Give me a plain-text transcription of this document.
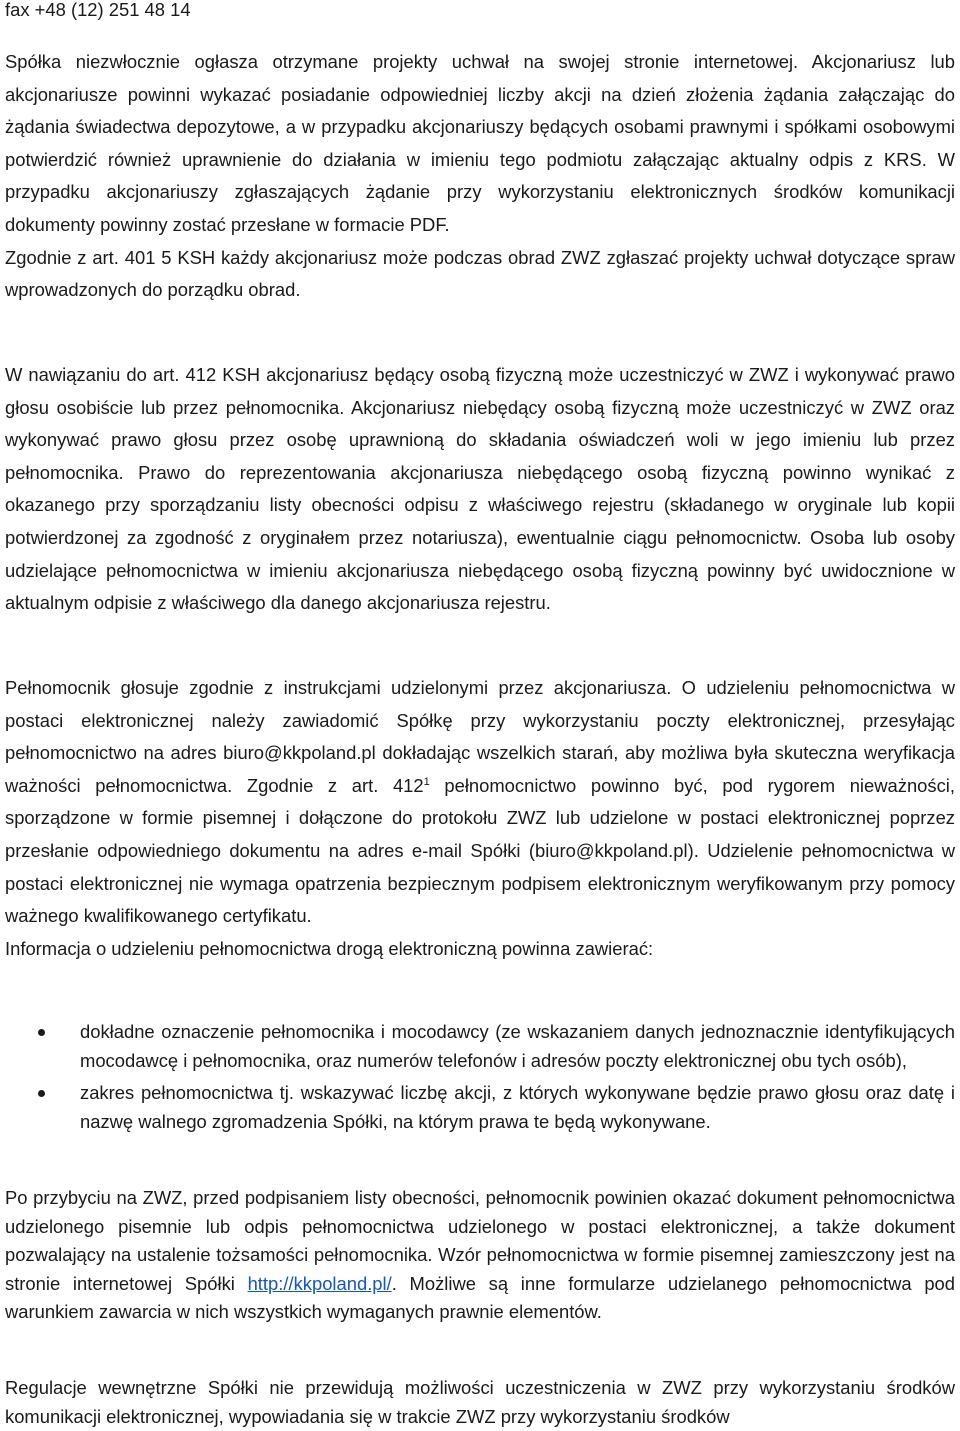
fax +48 (12) 251 48 14

Spółka niezwłocznie ogłasza otrzymane projekty uchwał na swojej stronie internetowej. Akcjonariusz lub akcjonariusze powinni wykazać posiadanie odpowiedniej liczby akcji na dzień złożenia żądania załączając do żądania świadectwa depozytowe, a w przypadku akcjonariuszy będących osobami prawnymi i spółkami osobowymi potwierdzić również uprawnienie do działania w imieniu tego podmiotu załączając aktualny odpis z KRS. W przypadku akcjonariuszy zgłaszających żądanie przy wykorzystaniu elektronicznych środków komunikacji dokumenty powinny zostać przesłane w formacie PDF.

Zgodnie z art. 401 5 KSH każdy akcjonariusz może podczas obrad ZWZ zgłaszać projekty uchwał dotyczące spraw wprowadzonych do porządku obrad.

W nawiązaniu do art. 412 KSH akcjonariusz będący osobą fizyczną może uczestniczyć w ZWZ i wykonywać prawo głosu osobiście lub przez pełnomocnika. Akcjonariusz niebędący osobą fizyczną może uczestniczyć w ZWZ oraz wykonywać prawo głosu przez osobę uprawnioną do składania oświadczeń woli w jego imieniu lub przez pełnomocnika. Prawo do reprezentowania akcjonariusza niebędącego osobą fizyczną powinno wynikać z okazanego przy sporządzaniu listy obecności odpisu z właściwego rejestru (składanego w oryginale lub kopii potwierdzonej za zgodność z oryginałem przez notariusza), ewentualnie ciągu pełnomocnictw. Osoba lub osoby udzielające pełnomocnictwa w imieniu akcjonariusza niebędącego osobą fizyczną powinny być uwidocznione w aktualnym odpisie z właściwego dla danego akcjonariusza rejestru.

Pełnomocnik głosuje zgodnie z instrukcjami udzielonymi przez akcjonariusza. O udzieleniu pełnomocnictwa w postaci elektronicznej należy zawiadomić Spółkę przy wykorzystaniu poczty elektronicznej, przesyłając pełnomocnictwo na adres biuro@kkpoland.pl dokładając wszelkich starań, aby możliwa była skuteczna weryfikacja ważności pełnomocnictwa. Zgodnie z art. $412^1$ pełnomocnictwo powinno być, pod rygorem nieważności, sporządzone w formie pisemnej i dołączone do protokołu ZWZ lub udzielone w postaci elektronicznej poprzez przesłanie odpowiedniego dokumentu na adres e-mail Spółki (biuro@kkpoland.pl). Udzielenie pełnomocnictwa w postaci elektronicznej nie wymaga opatrzenia bezpiecznym podpisem elektronicznym weryfikowanym przy pomocy ważnego kwalifikowanego certyfikatu.

Informacja o udzieleniu pełnomocnictwa drogą elektroniczną powinna zawierać:

dokładne oznaczenie pełnomocnika i mocodawcy (ze wskazaniem danych jednoznacznie identyfikujących mocodawcę i pełnomocnika, oraz numerów telefonów i adresów poczty elektronicznej obu tych osób),
zakres pełnomocnictwa tj. wskazywać liczbę akcji, z których wykonywane będzie prawo głosu oraz datę i nazwę walnego zgromadzenia Spółki, na którym prawa te będą wykonywane.

Po przybyciu na ZWZ, przed podpisaniem listy obecności, pełnomocnik powinien okazać dokument pełnomocnictwa udzielonego pisemnie lub odpis pełnomocnictwa udzielonego w postaci elektronicznej, a także dokument pozwalający na ustalenie tożsamości pełnomocnika. Wzór pełnomocnictwa w formie pisemnej zamieszczony jest na stronie internetowej Spółki http://kkpoland.pl/. Możliwe są inne formularze udzielanego pełnomocnictwa pod warunkiem zawarcia w nich wszystkich wymaganych prawnie elementów.

Regulacje wewnętrzne Spółki nie przewidują możliwości uczestniczenia w ZWZ przy wykorzystaniu środków komunikacji elektronicznej, wypowiadania się w trakcie ZWZ przy wykorzystaniu środków
